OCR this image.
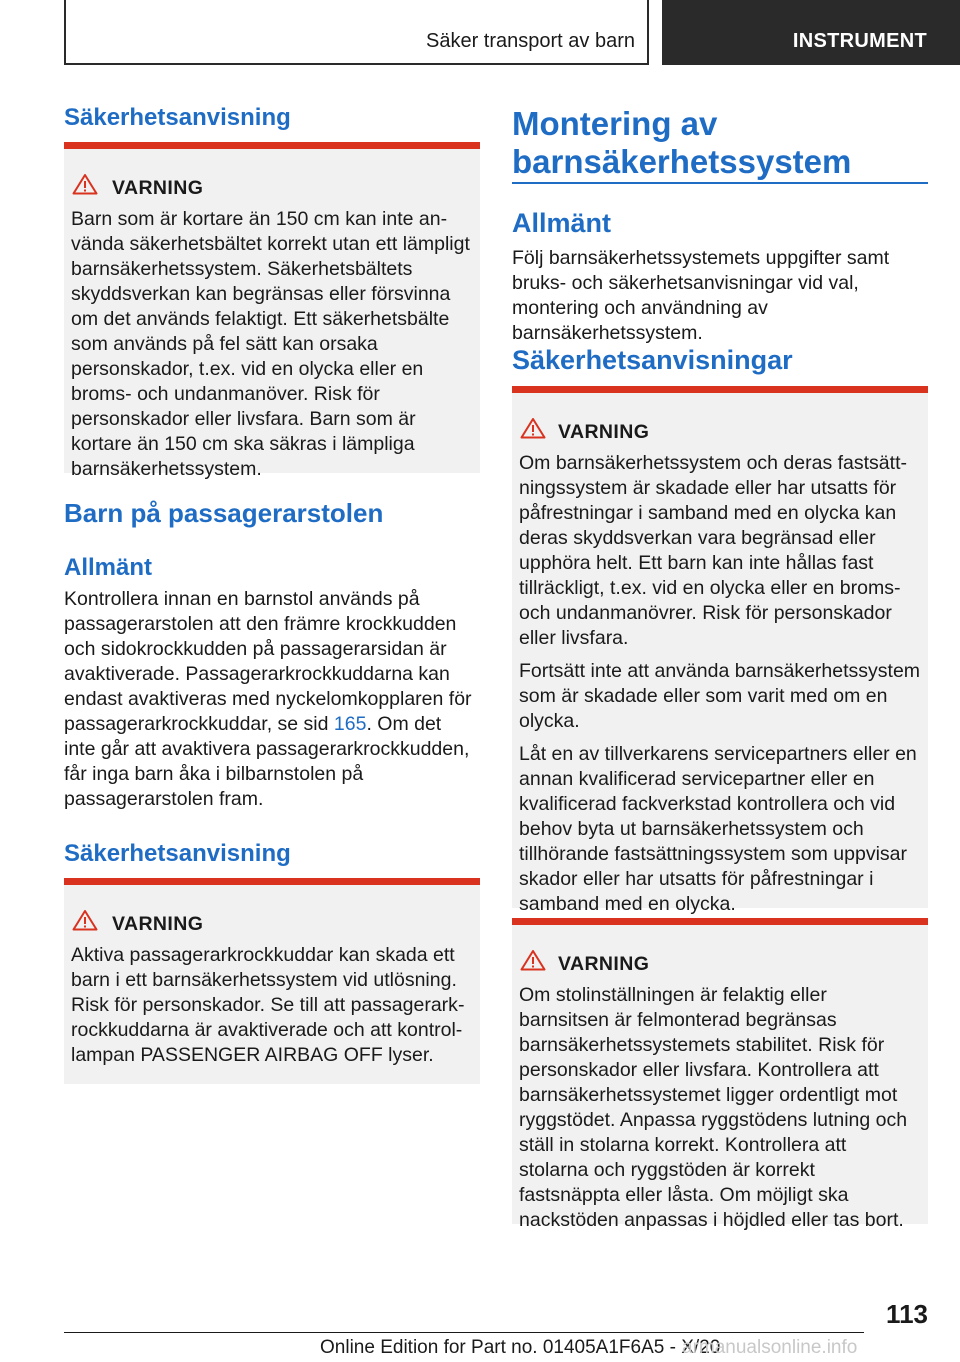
Säker transport av barn	INSTRUMENT
Säkerhetsanvisning
VARNING
Barn som är kortare än 150 cm kan inte använda säkerhetsbältet korrekt utan ett lämpligt barnsäkerhetssystem. Säkerhetsbältets skyddsverkan kan begränsas eller försvinna om det används felaktigt. Ett säkerhetsbälte som används på fel sätt kan orsaka personskador, t.ex. vid en olycka eller en broms- och undanmanöver. Risk för personskador eller livsfara. Barn som är kortare än 150 cm ska säkras i lämpliga barnsäkerhetssystem.
Barn på passagerarstolen
Allmänt
Kontrollera innan en barnstol används på passagerarstolen att den främre krockkudden och sidokrockkudden på passagerarsidan är avaktiverade. Passagerarkrockkuddarna kan endast avaktiveras med nyckelomkopplaren för passagerarkrockkuddar, se sid 165. Om det inte går att avaktivera passagerarkrockkudden, får inga barn åka i bilbarnstolen på passagerarstolen fram.
Säkerhetsanvisning
VARNING
Aktiva passagerarkrockkuddar kan skada ett barn i ett barnsäkerhetssystem vid utlösning. Risk för personskador. Se till att passagerarkrockkuddarna är avaktiverade och att kontrollampan PASSENGER AIRBAG OFF lyser.
Montering av barnsäkerhetssystem
Allmänt
Följ barnsäkerhetssystemets uppgifter samt bruks- och säkerhetsanvisningar vid val, montering och användning av barnsäkerhetssystem.
Säkerhetsanvisningar
VARNING

Om barnsäkerhetssystem och deras fastsättningssystem är skadade eller har utsatts för påfrestningar i samband med en olycka kan deras skyddsverkan vara begränsad eller upphöra helt. Ett barn kan inte hållas fast tillräckligt, t.ex. vid en olycka eller en broms- och undanmanövrer. Risk för personskador eller livsfara.

Fortsätt inte att använda barnsäkerhetssystem som är skadade eller som varit med om en olycka.

Låt en av tillverkarens servicepartners eller en annan kvalificerad servicepartner eller en kvalificerad fackverkstad kontrollera och vid behov byta ut barnsäkerhetssystem och tillhörande fastsättningssystem som uppvisar skador eller har utsatts för påfrestningar i samband med en olycka.

VARNING
Om stolinställningen är felaktig eller barnsitsen är felmonterad begränsas barnsäkerhetssystemets stabilitet. Risk för personskador eller livsfara. Kontrollera att barnsäkerhetssystemet ligger ordentligt mot ryggstödet. Anpassa ryggstödens lutning och ställ in stolarna korrekt. Kontrollera att stolarna och ryggstöden är korrekt fastsnäppta eller låsta. Om möjligt ska nackstöden anpassas i höjdled eller tas bort.
113
Online Edition for Part no. 01405A1F6A5 - X/20
armanualsonline.info
